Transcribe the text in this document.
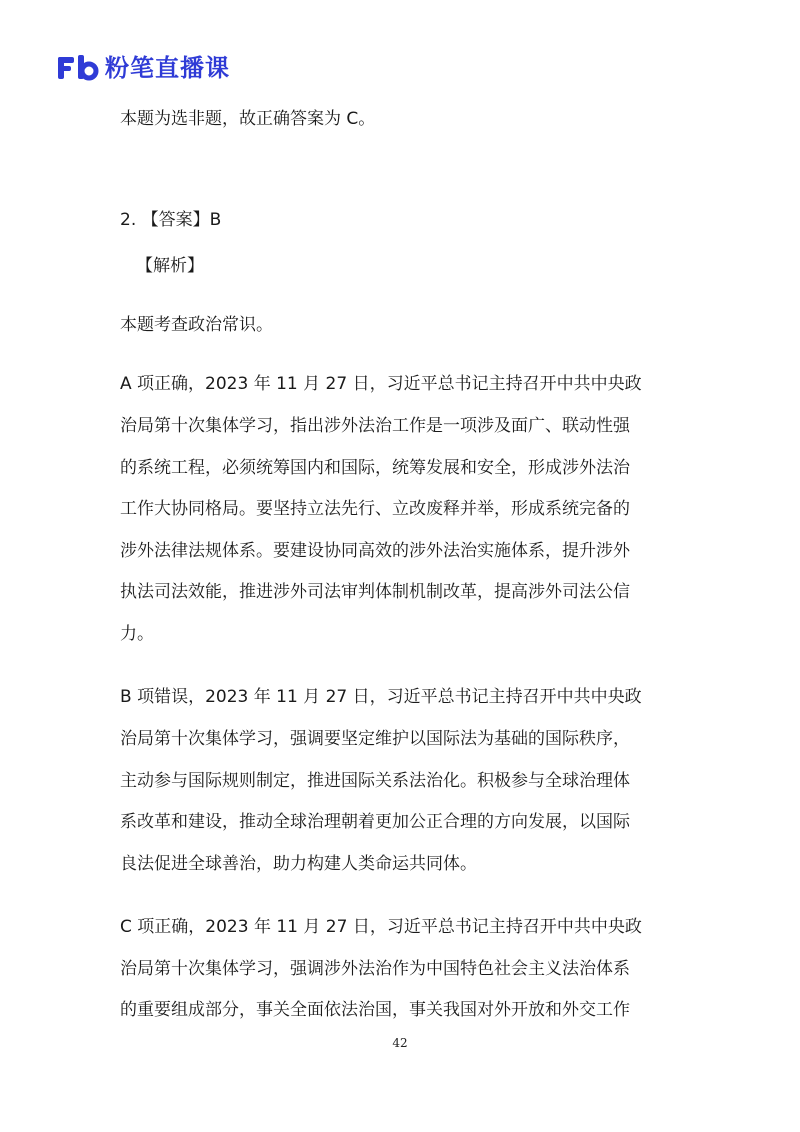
粉笔直播课
本题为选非题，故正确答案为 C。
2. 【答案】B
【解析】
本题考查政治常识。
A 项正确，2023 年 11 月 27 日，习近平总书记主持召开中共中央政
治局第十次集体学习，指出涉外法治工作是一项涉及面广、联动性强
的系统工程，必须统筹国内和国际，统筹发展和安全，形成涉外法治
工作大协同格局。要坚持立法先行、立改废释并举，形成系统完备的
涉外法律法规体系。要建设协同高效的涉外法治实施体系，提升涉外
执法司法效能，推进涉外司法审判体制机制改革，提高涉外司法公信
力。
B 项错误，2023 年 11 月 27 日，习近平总书记主持召开中共中央政
治局第十次集体学习，强调要坚定维护以国际法为基础的国际秩序，
主动参与国际规则制定，推进国际关系法治化。积极参与全球治理体
系改革和建设，推动全球治理朝着更加公正合理的方向发展，以国际
良法促进全球善治，助力构建人类命运共同体。
C 项正确，2023 年 11 月 27 日，习近平总书记主持召开中共中央政
治局第十次集体学习，强调涉外法治作为中国特色社会主义法治体系
的重要组成部分，事关全面依法治国，事关我国对外开放和外交工作
42
